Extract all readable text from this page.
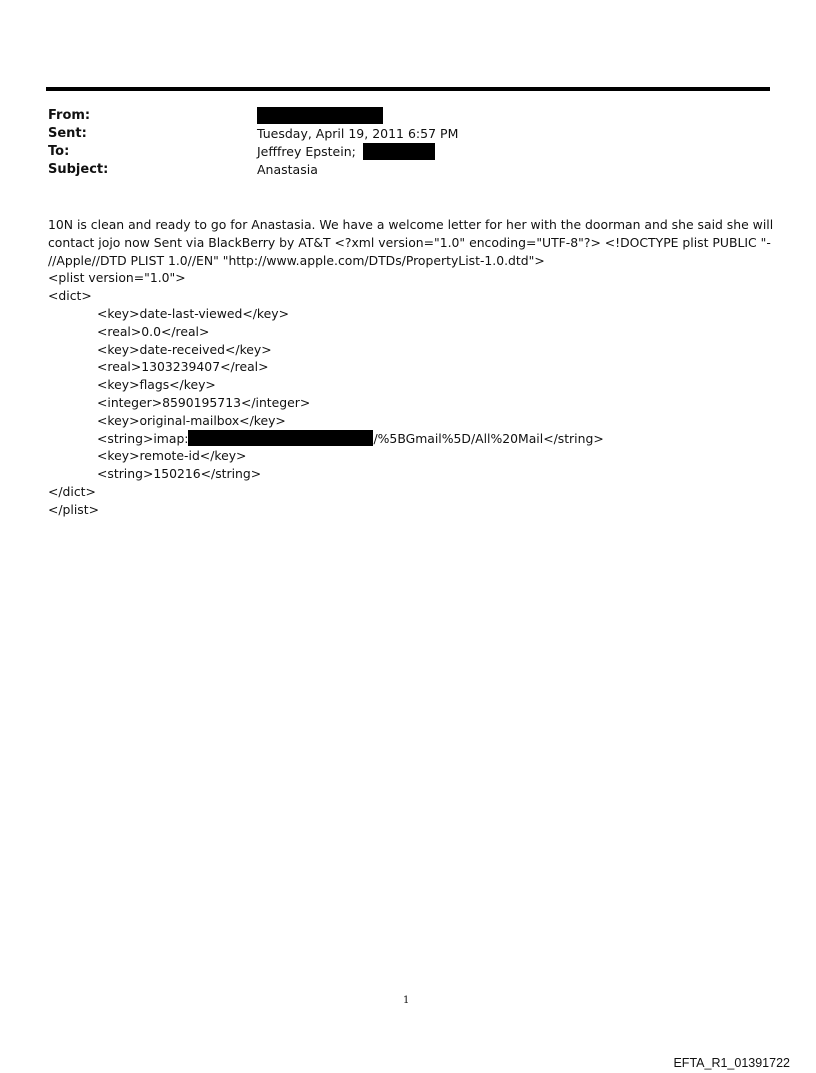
From:
Sent:	Tuesday, April 19, 2011 6:57 PM
To:	Jefffrey Epstein;
Subject:	Anastasia
10N is clean and ready to go for Anastasia. We have a welcome letter for her with the doorman and she said she will
contact jojo now Sent via BlackBerry by AT&T <?xml version="1.0" encoding="UTF-8"?> <!DOCTYPE plist PUBLIC "-
//Apple//DTD PLIST 1.0//EN" "http://www.apple.com/DTDs/PropertyList-1.0.dtd">
<plist version="1.0">
<dict>
<key>date-last-viewed</key>
<real>0.0</real>
<key>date-received</key>
<real>1303239407</real>
<key>flags</key>
<integer>8590195713</integer>
<key>original-mailbox</key>
<string>imap:	/%5BGmail%5D/All%20Mail</string>
<key>remote-id</key>
<string>150216</string>
</dict>
</plist>
1
EFTA_R1_01391722
